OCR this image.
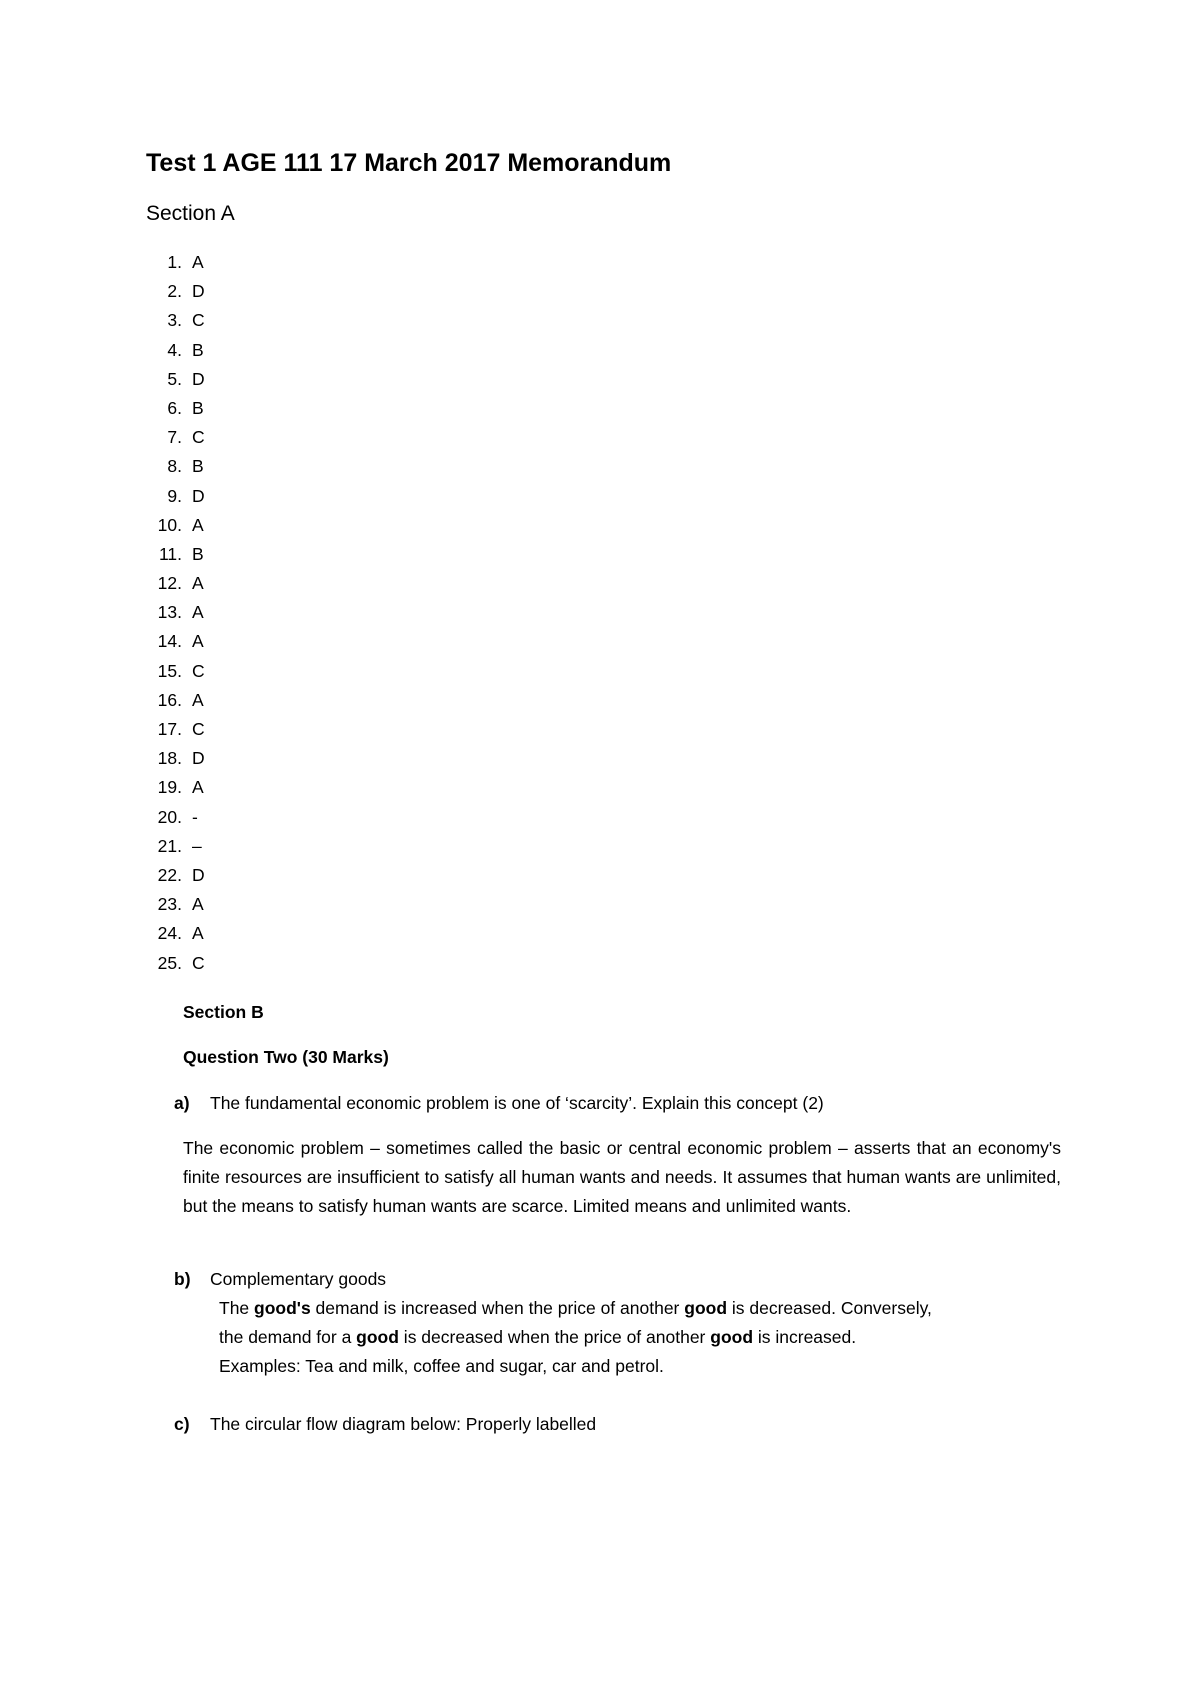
Test 1 AGE 111 17 March 2017 Memorandum

Section A

1. A
2. D
3. C
4. B
5. D
6. B
7. C
8. B
9. D
10. A
11. B
12. A
13. A
14. A
15. C
16. A
17. C
18. D
19. A
20. -
21. –
22. D
23. A
24. A
25. C

Section B

Question Two (30 Marks)

a) The fundamental economic problem is one of ‘scarcity’. Explain this concept (2)

The economic problem – sometimes called the basic or central economic problem – asserts that an economy's finite resources are insufficient to satisfy all human wants and needs. It assumes that human wants are unlimited, but the means to satisfy human wants are scarce. Limited means and unlimited wants.

b) Complementary goods
The good's demand is increased when the price of another good is decreased. Conversely,
the demand for a good is decreased when the price of another good is increased.
Examples: Tea and milk, coffee and sugar, car and petrol.
c) The circular flow diagram below: Properly labelled
